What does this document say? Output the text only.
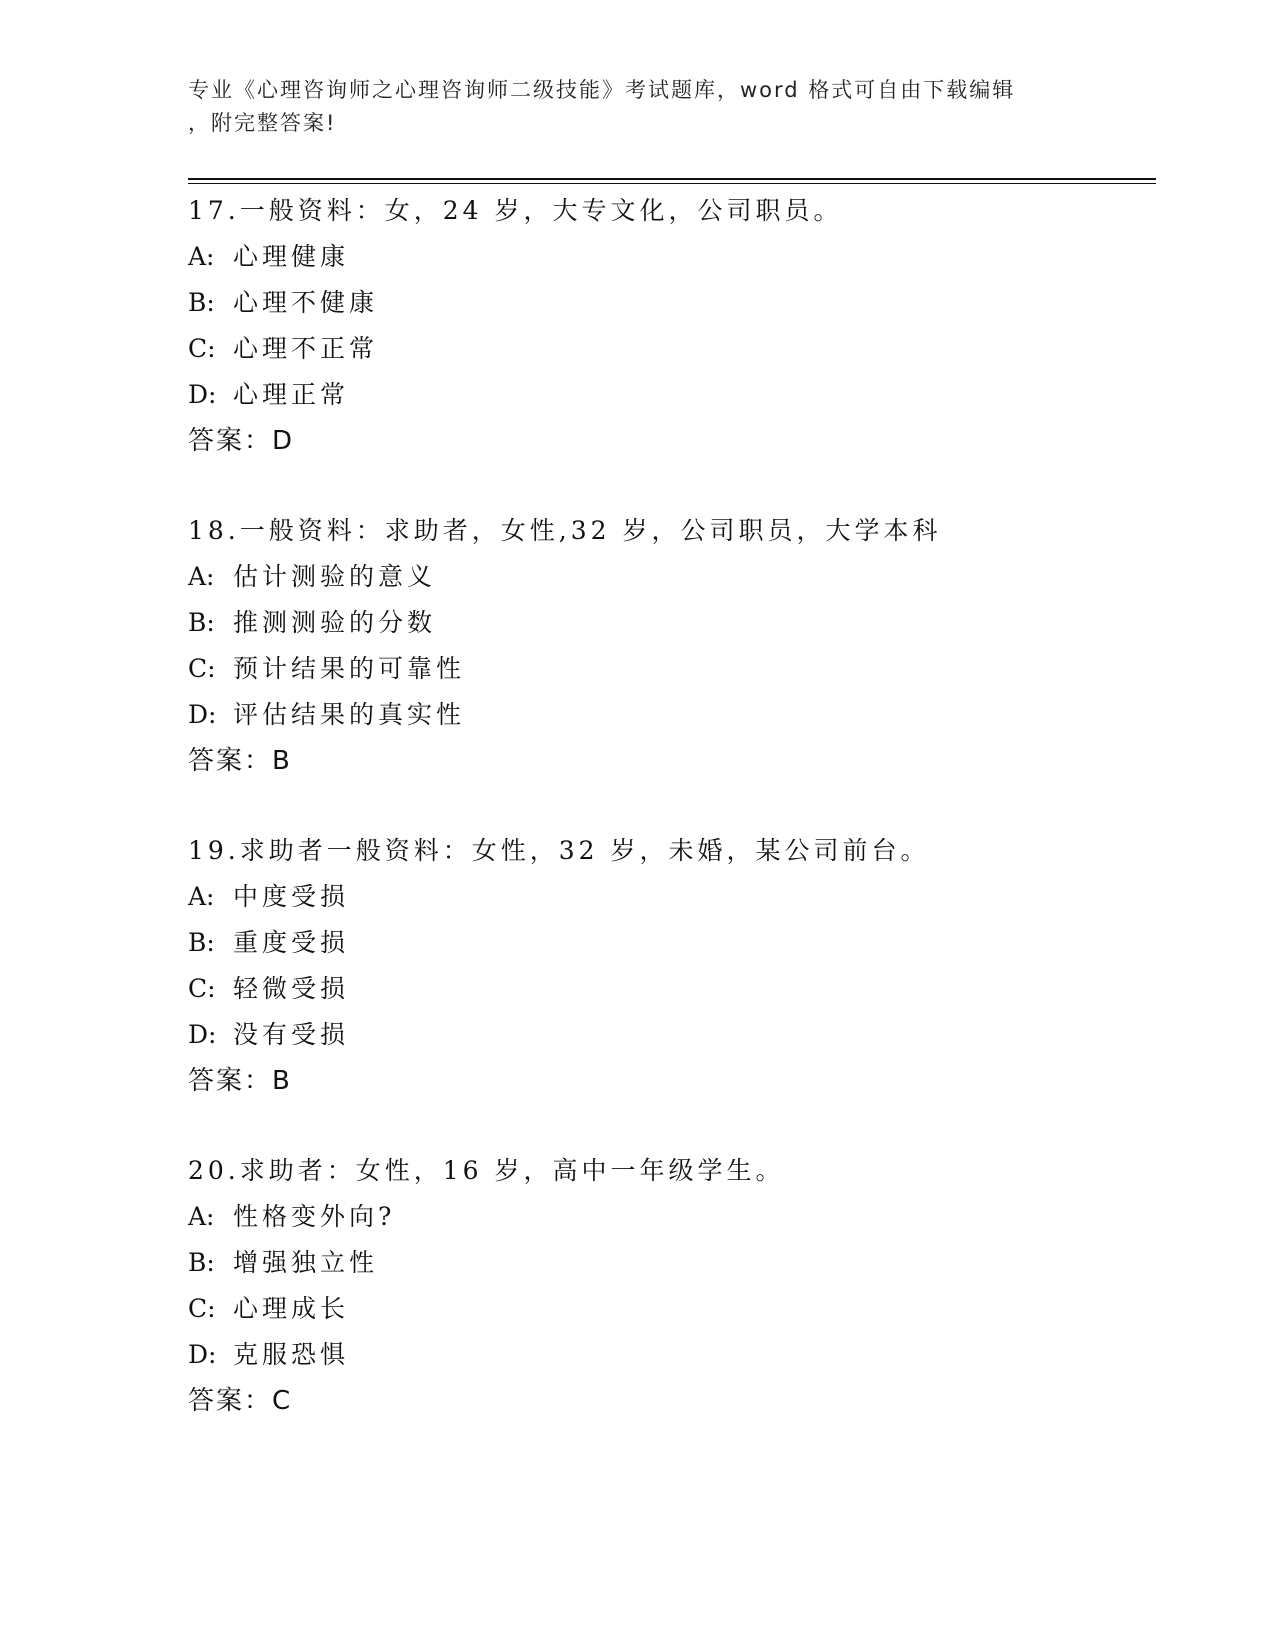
专业《心理咨询师之心理咨询师二级技能》考试题库，word 格式可自由下载编辑
，附完整答案!
17.一般资料：女，24 岁，大专文化，公司职员。
A: 心理健康
B: 心理不健康
C: 心理不正常
D: 心理正常
答案：D
18.一般资料：求助者，女性,32 岁，公司职员，大学本科
A: 估计测验的意义
B: 推测测验的分数
C: 预计结果的可靠性
D: 评估结果的真实性
答案：B
19.求助者一般资料：女性，32 岁，未婚，某公司前台。
A: 中度受损
B: 重度受损
C: 轻微受损
D: 没有受损
答案：B
20.求助者：女性，16 岁，高中一年级学生。
A: 性格变外向?
B: 增强独立性
C: 心理成长
D: 克服恐惧
答案：C
